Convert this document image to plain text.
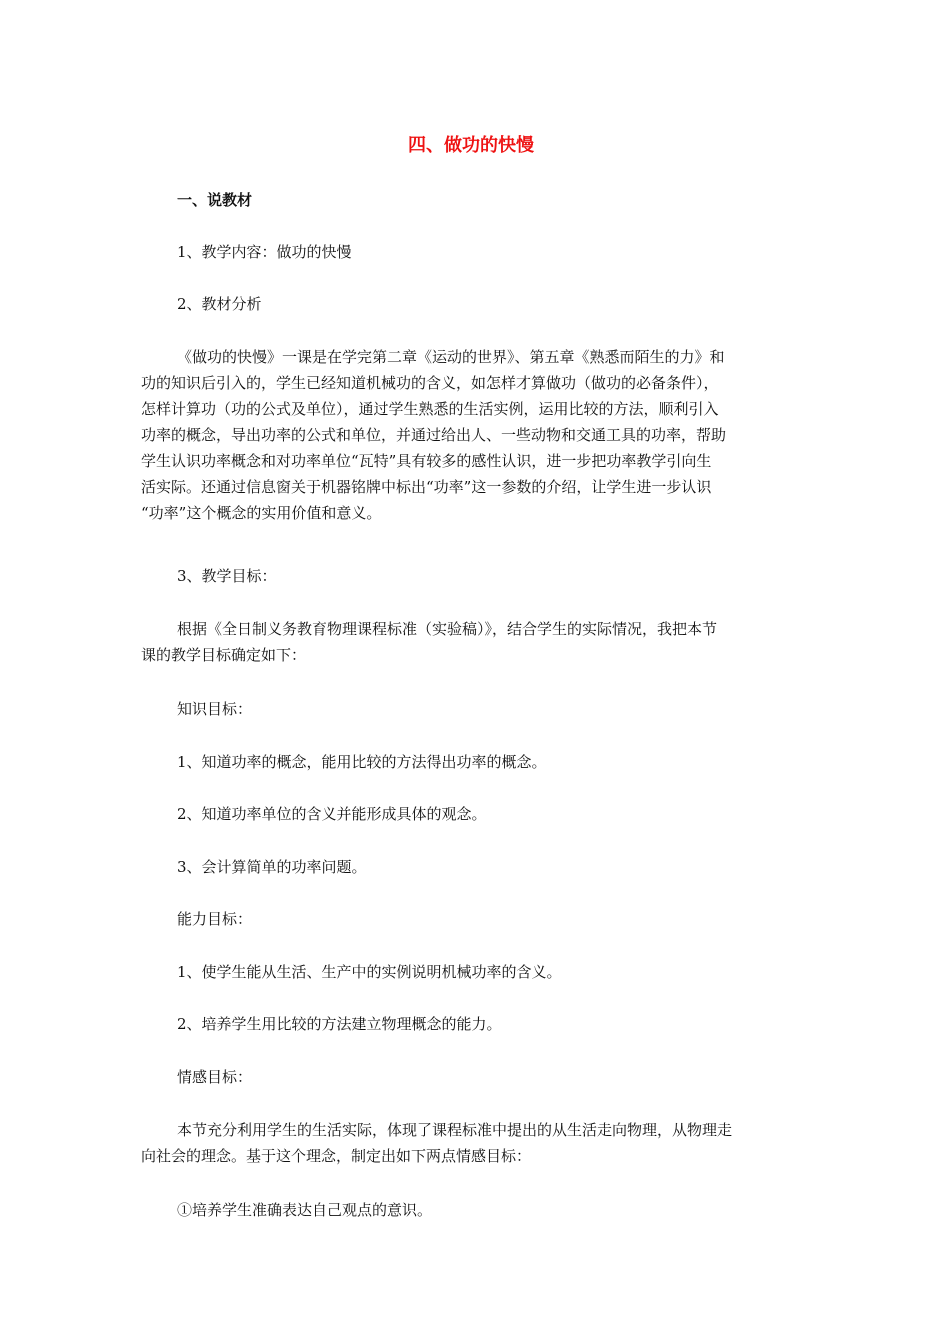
四、做功的快慢
一、说教材
1、教学内容：做功的快慢
2、教材分析
《做功的快慢》一课是在学完第二章《运动的世界》、第五章《熟悉而陌生的力》和
功的知识后引入的，学生已经知道机械功的含义，如怎样才算做功（做功的必备条件），
怎样计算功（功的公式及单位），通过学生熟悉的生活实例，运用比较的方法，顺利引入
功率的概念，导出功率的公式和单位，并通过给出人、一些动物和交通工具的功率，帮助
学生认识功率概念和对功率单位“瓦特”具有较多的感性认识，进一步把功率教学引向生
活实际。还通过信息窗关于机器铭牌中标出“功率”这一参数的介绍，让学生进一步认识
“功率”这个概念的实用价值和意义。
3、教学目标：
根据《全日制义务教育物理课程标准（实验稿）》，结合学生的实际情况，我把本节
课的教学目标确定如下：
知识目标：
1、知道功率的概念，能用比较的方法得出功率的概念。
2、知道功率单位的含义并能形成具体的观念。
3、会计算简单的功率问题。
能力目标：
1、使学生能从生活、生产中的实例说明机械功率的含义。
2、培养学生用比较的方法建立物理概念的能力。
情感目标：
本节充分利用学生的生活实际，体现了课程标准中提出的从生活走向物理，从物理走
向社会的理念。基于这个理念，制定出如下两点情感目标：
①培养学生准确表达自己观点的意识。
